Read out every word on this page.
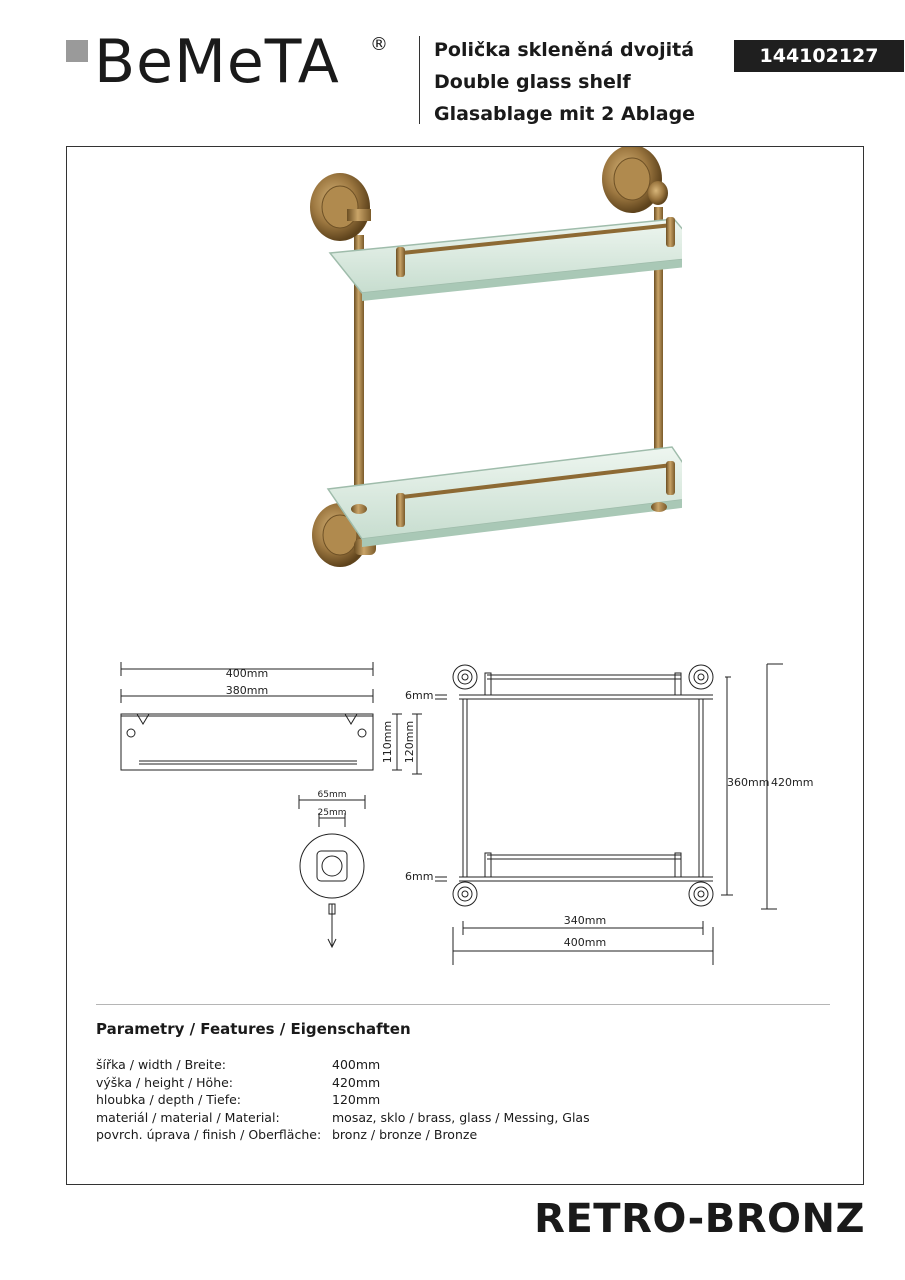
BeMeTA ® Polička skleněná dvojitá
Double glass shelf
Glasablage mit 2 Ablage
144102127
400mm
380mm
110mm 120mm
65mm
25mm
6mm
6mm
360mm 420mm
340mm
400mm
Parametry / Features / Eigenschaften
šířka / width / Breite:	400mm
výška / height / Höhe:	420mm
hloubka / depth / Tiefe:	120mm
materiál / material / Material:	mosaz, sklo / brass, glass / Messing, Glas
povrch. úprava / finish / Oberfläche: bronz / bronze / Bronze
RETRO-BRONZ
